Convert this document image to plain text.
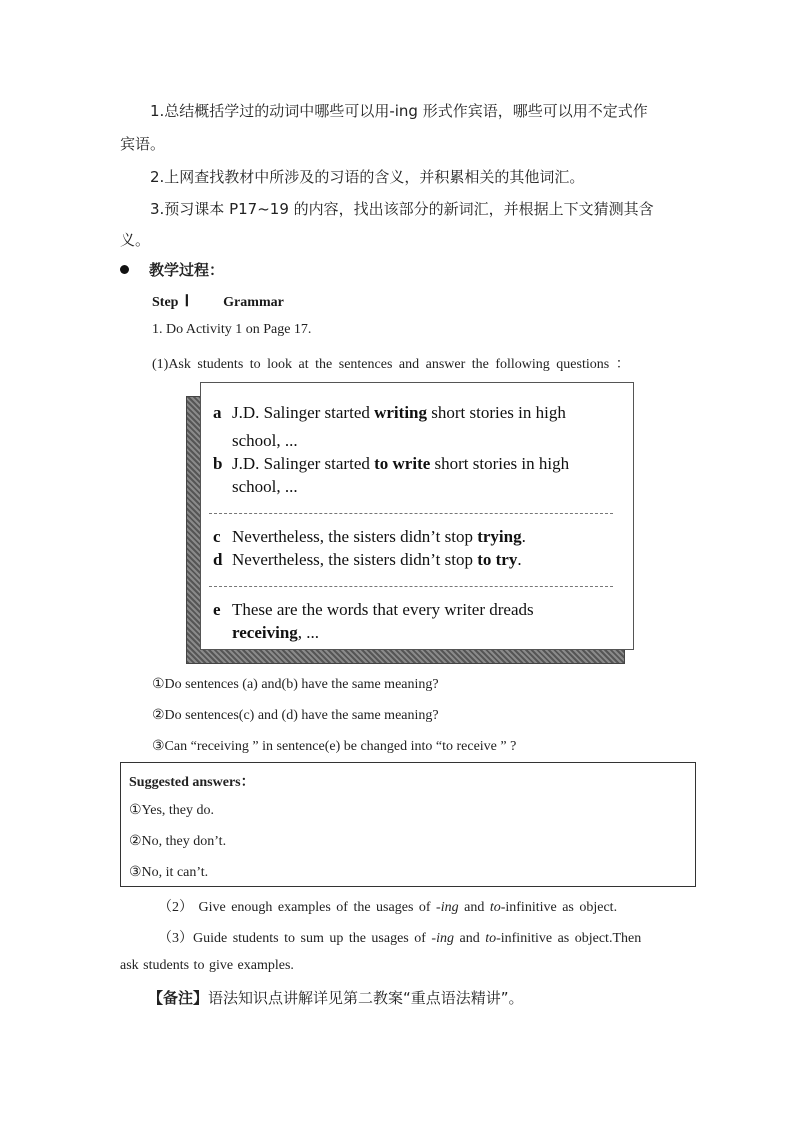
1.总结概括学过的动词中哪些可以用-ing 形式作宾语，哪些可以用不定式作
宾语。
2.上网查找教材中所涉及的习语的含义，并积累相关的其他词汇。
3.预习课本 P17~19 的内容，找出该部分的新词汇，并根据上下文猜测其含
义。
教学过程：
Step Ⅰ Grammar
1. Do Activity 1 on Page 17.
(1)Ask students to look at the sentences and answer the following questions ：
a J.D. Salinger started writing short stories in high
school, ...
b J.D. Salinger started to write short stories in high
school, ...
c Nevertheless, the sisters didn’t stop trying.
d Nevertheless, the sisters didn’t stop to try.
e These are the words that every writer dreads
receiving, ...
①Do sentences (a) and(b) have the same meaning?
②Do sentences(c) and (d) have the same meaning?
③Can “receiving ” in sentence(e) be changed into “to receive ” ?
Suggested answers：
①Yes, they do.
②No, they don’t.
③No, it can’t.
（2） Give enough examples of the usages of -ing and to-infinitive as object.
（3）Guide students to sum up the usages of -ing and to-infinitive as object.Then
ask students to give examples.
【备注】语法知识点讲解详见第二教案“重点语法精讲”。
